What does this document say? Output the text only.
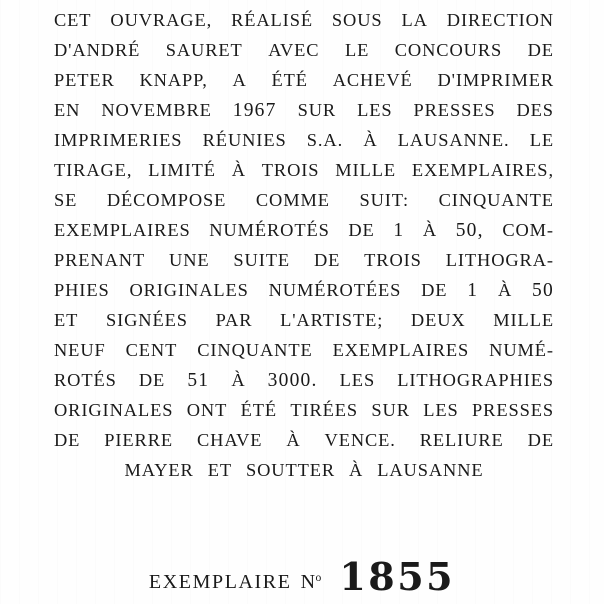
CET OUVRAGE, RÉALISÉ SOUS LA DIRECTION
D'ANDRÉ SAURET AVEC LE CONCOURS DE
PETER KNAPP, A ÉTÉ ACHEVÉ D'IMPRIMER
EN NOVEMBRE 1967 SUR LES PRESSES DES
IMPRIMERIES RÉUNIES S.A. À LAUSANNE. LE
TIRAGE, LIMITÉ À TROIS MILLE EXEMPLAIRES,
SE DÉCOMPOSE COMME SUIT: CINQUANTE
EXEMPLAIRES NUMÉROTÉS DE 1 À 50, COM-
PRENANT UNE SUITE DE TROIS LITHOGRA-
PHIES ORIGINALES NUMÉROTÉES DE 1 À 50
ET SIGNÉES PAR L'ARTISTE; DEUX MILLE
NEUF CENT CINQUANTE EXEMPLAIRES NUMÉ-
ROTÉS DE 51 À 3000. LES LITHOGRAPHIES
ORIGINALES ONT ÉTÉ TIRÉES SUR LES PRESSES
DE PIERRE CHAVE À VENCE. RELIURE DE
MAYER ET SOUTTER À LAUSANNE
EXEMPLAIRE $N^o$ 1855
